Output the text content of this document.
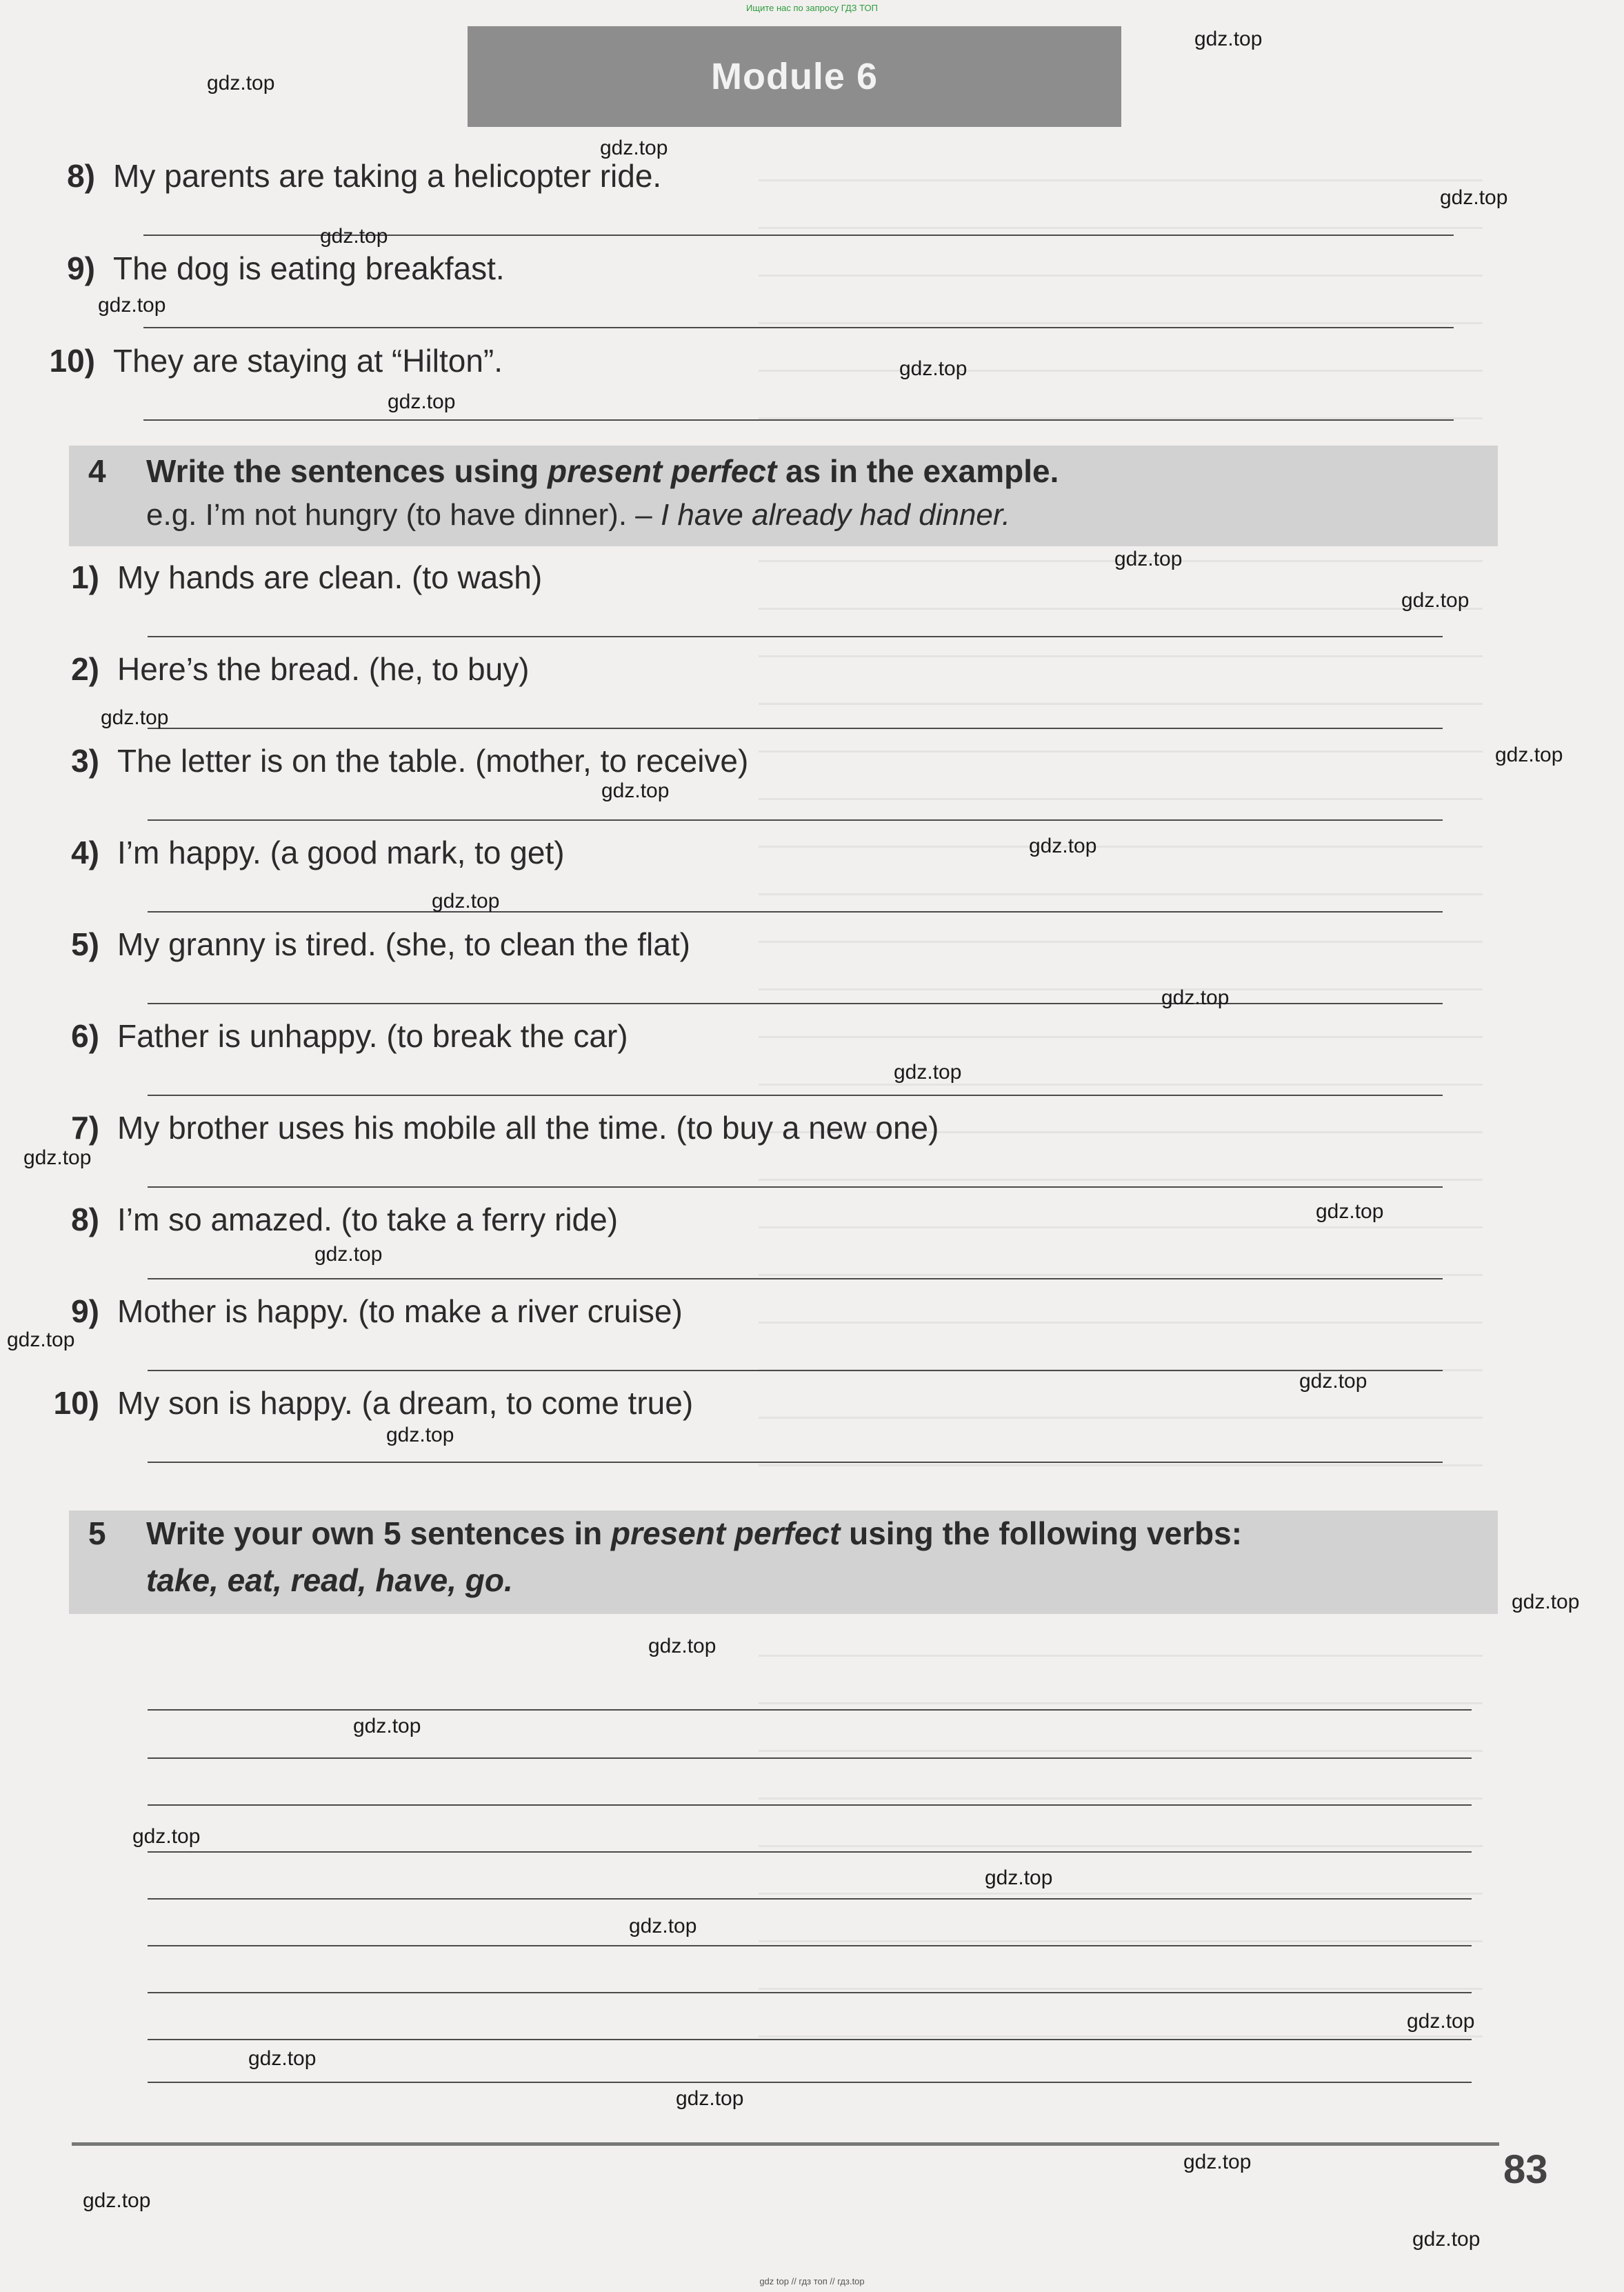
Ищите нас по запросу ГДЗ ТОП
Module 6
8) My parents are taking a helicopter ride.
9) The dog is eating breakfast.
10) They are staying at “Hilton”.
4 Write the sentences using present perfect as in the example.
e.g. I’m not hungry (to have dinner). – I have already had dinner.
1) My hands are clean. (to wash)
2) Here’s the bread. (he, to buy)
3) The letter is on the table. (mother, to receive)
4) I’m happy. (a good mark, to get)
5) My granny is tired. (she, to clean the flat)
6) Father is unhappy. (to break the car)
7) My brother uses his mobile all the time. (to buy a new one)
8) I’m so amazed. (to take a ferry ride)
9) Mother is happy. (to make a river cruise)
10) My son is happy. (a dream, to come true)
5 Write your own 5 sentences in present perfect using the following verbs:
take, eat, read, have, go.
83
gdz top // гдз топ // гдз.top
gdz.top
gdz.top
gdz.top
gdz.top
gdz.top
gdz.top
gdz.top
gdz.top
gdz.top
gdz.top
gdz.top
gdz.top
gdz.top
gdz.top
gdz.top
gdz.top
gdz.top
gdz.top
gdz.top
gdz.top
gdz.top
gdz.top
gdz.top
gdz.top
gdz.top
gdz.top
gdz.top
gdz.top
gdz.top
gdz.top
gdz.top
gdz.top
gdz.top
gdz.top
gdz.top
